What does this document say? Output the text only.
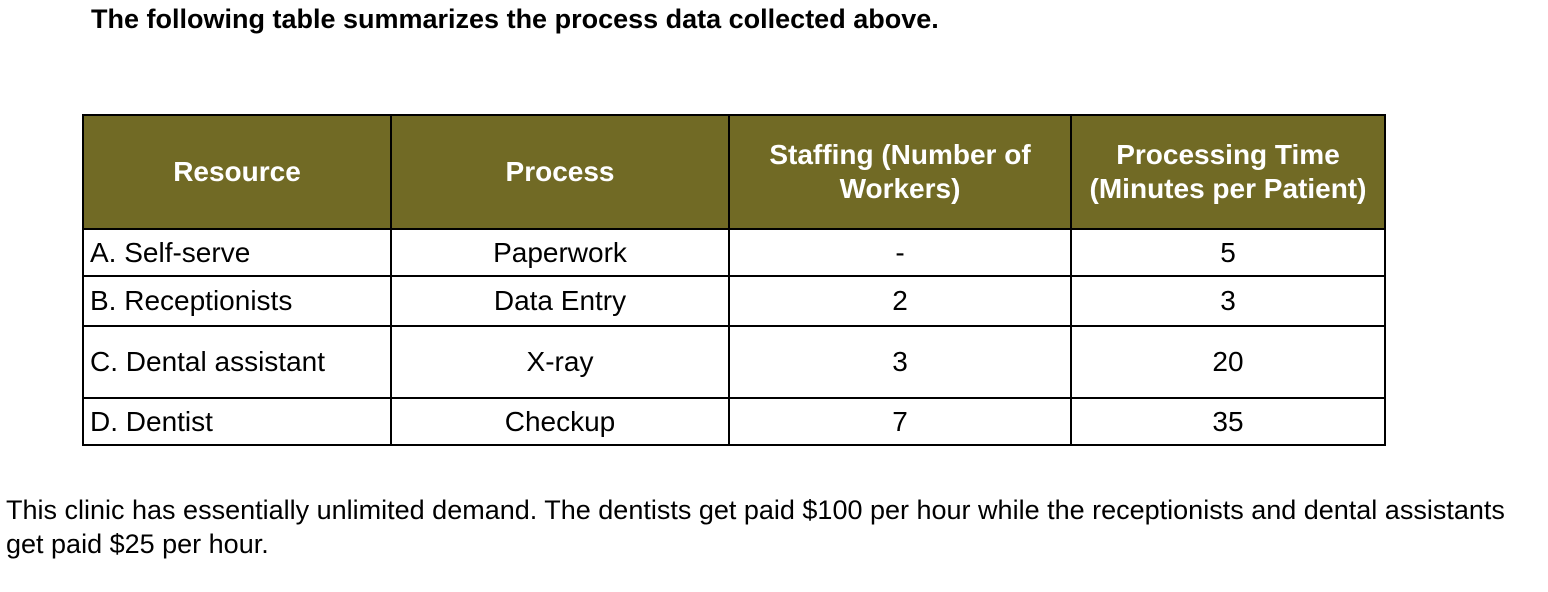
The following table summarizes the process data collected above.

Resource	Process	Staffing (Number of Workers)	Processing Time (Minutes per Patient)
A. Self-serve	Paperwork	-	5
B. Receptionists	Data Entry	2	3
C. Dental assistant	X-ray	3	20
D. Dentist	Checkup	7	35

This clinic has essentially unlimited demand. The dentists get paid $100 per hour while the receptionists and dental assistants get paid $25 per hour.
